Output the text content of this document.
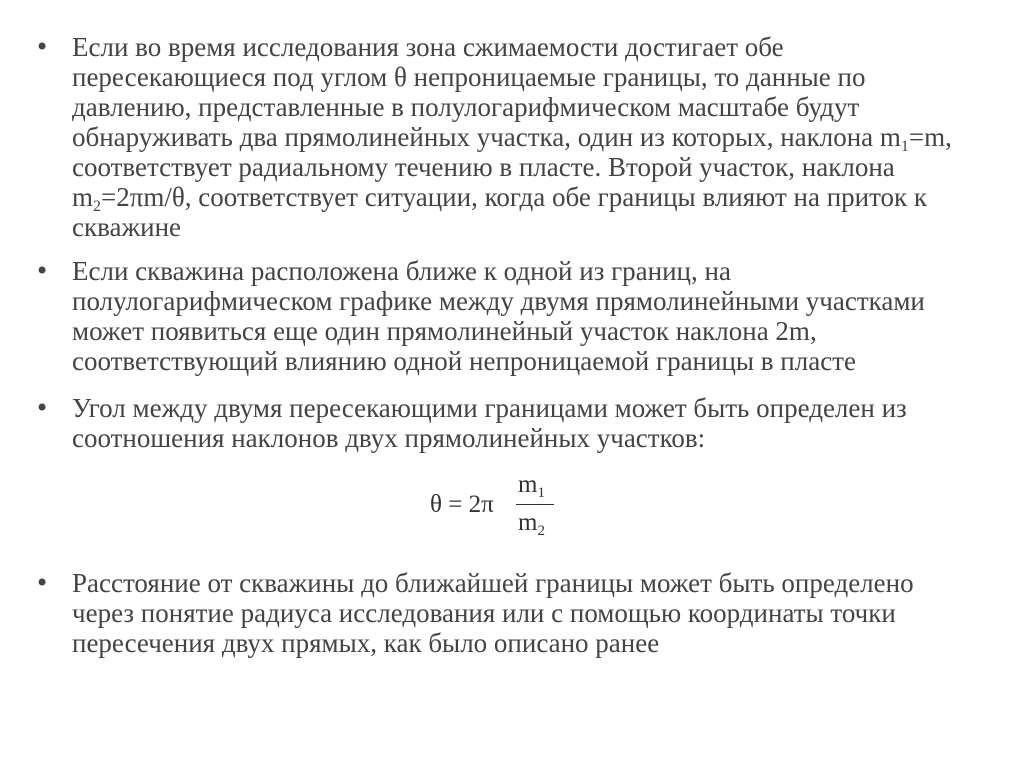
• Если во время исследования зона сжимаемости достигает обе
пересекающиеся под углом θ непроницаемые границы, то данные по
давлению, представленные в полулогарифмическом масштабе будут
обнаруживать два прямолинейных участка, один из которых, наклона $m_1=m$,
соответствует радиальному течению в пласте. Второй участок, наклона
$m_2=2\pi m/\theta$, соответствует ситуации, когда обе границы влияют на приток к
скважине
• Если скважина расположена ближе к одной из границ, на
полулогарифмическом графике между двумя прямолинейными участками
может появиться еще один прямолинейный участок наклона 2m,
соответствующий влиянию одной непроницаемой границы в пласте
• Угол между двумя пересекающими границами может быть определен из
соотношения наклонов двух прямолинейных участков:
θ = 2π
$m_1$
$m_2$
• Расстояние от скважины до ближайшей границы может быть определено
через понятие радиуса исследования или с помощью координаты точки
пересечения двух прямых, как было описано ранее
